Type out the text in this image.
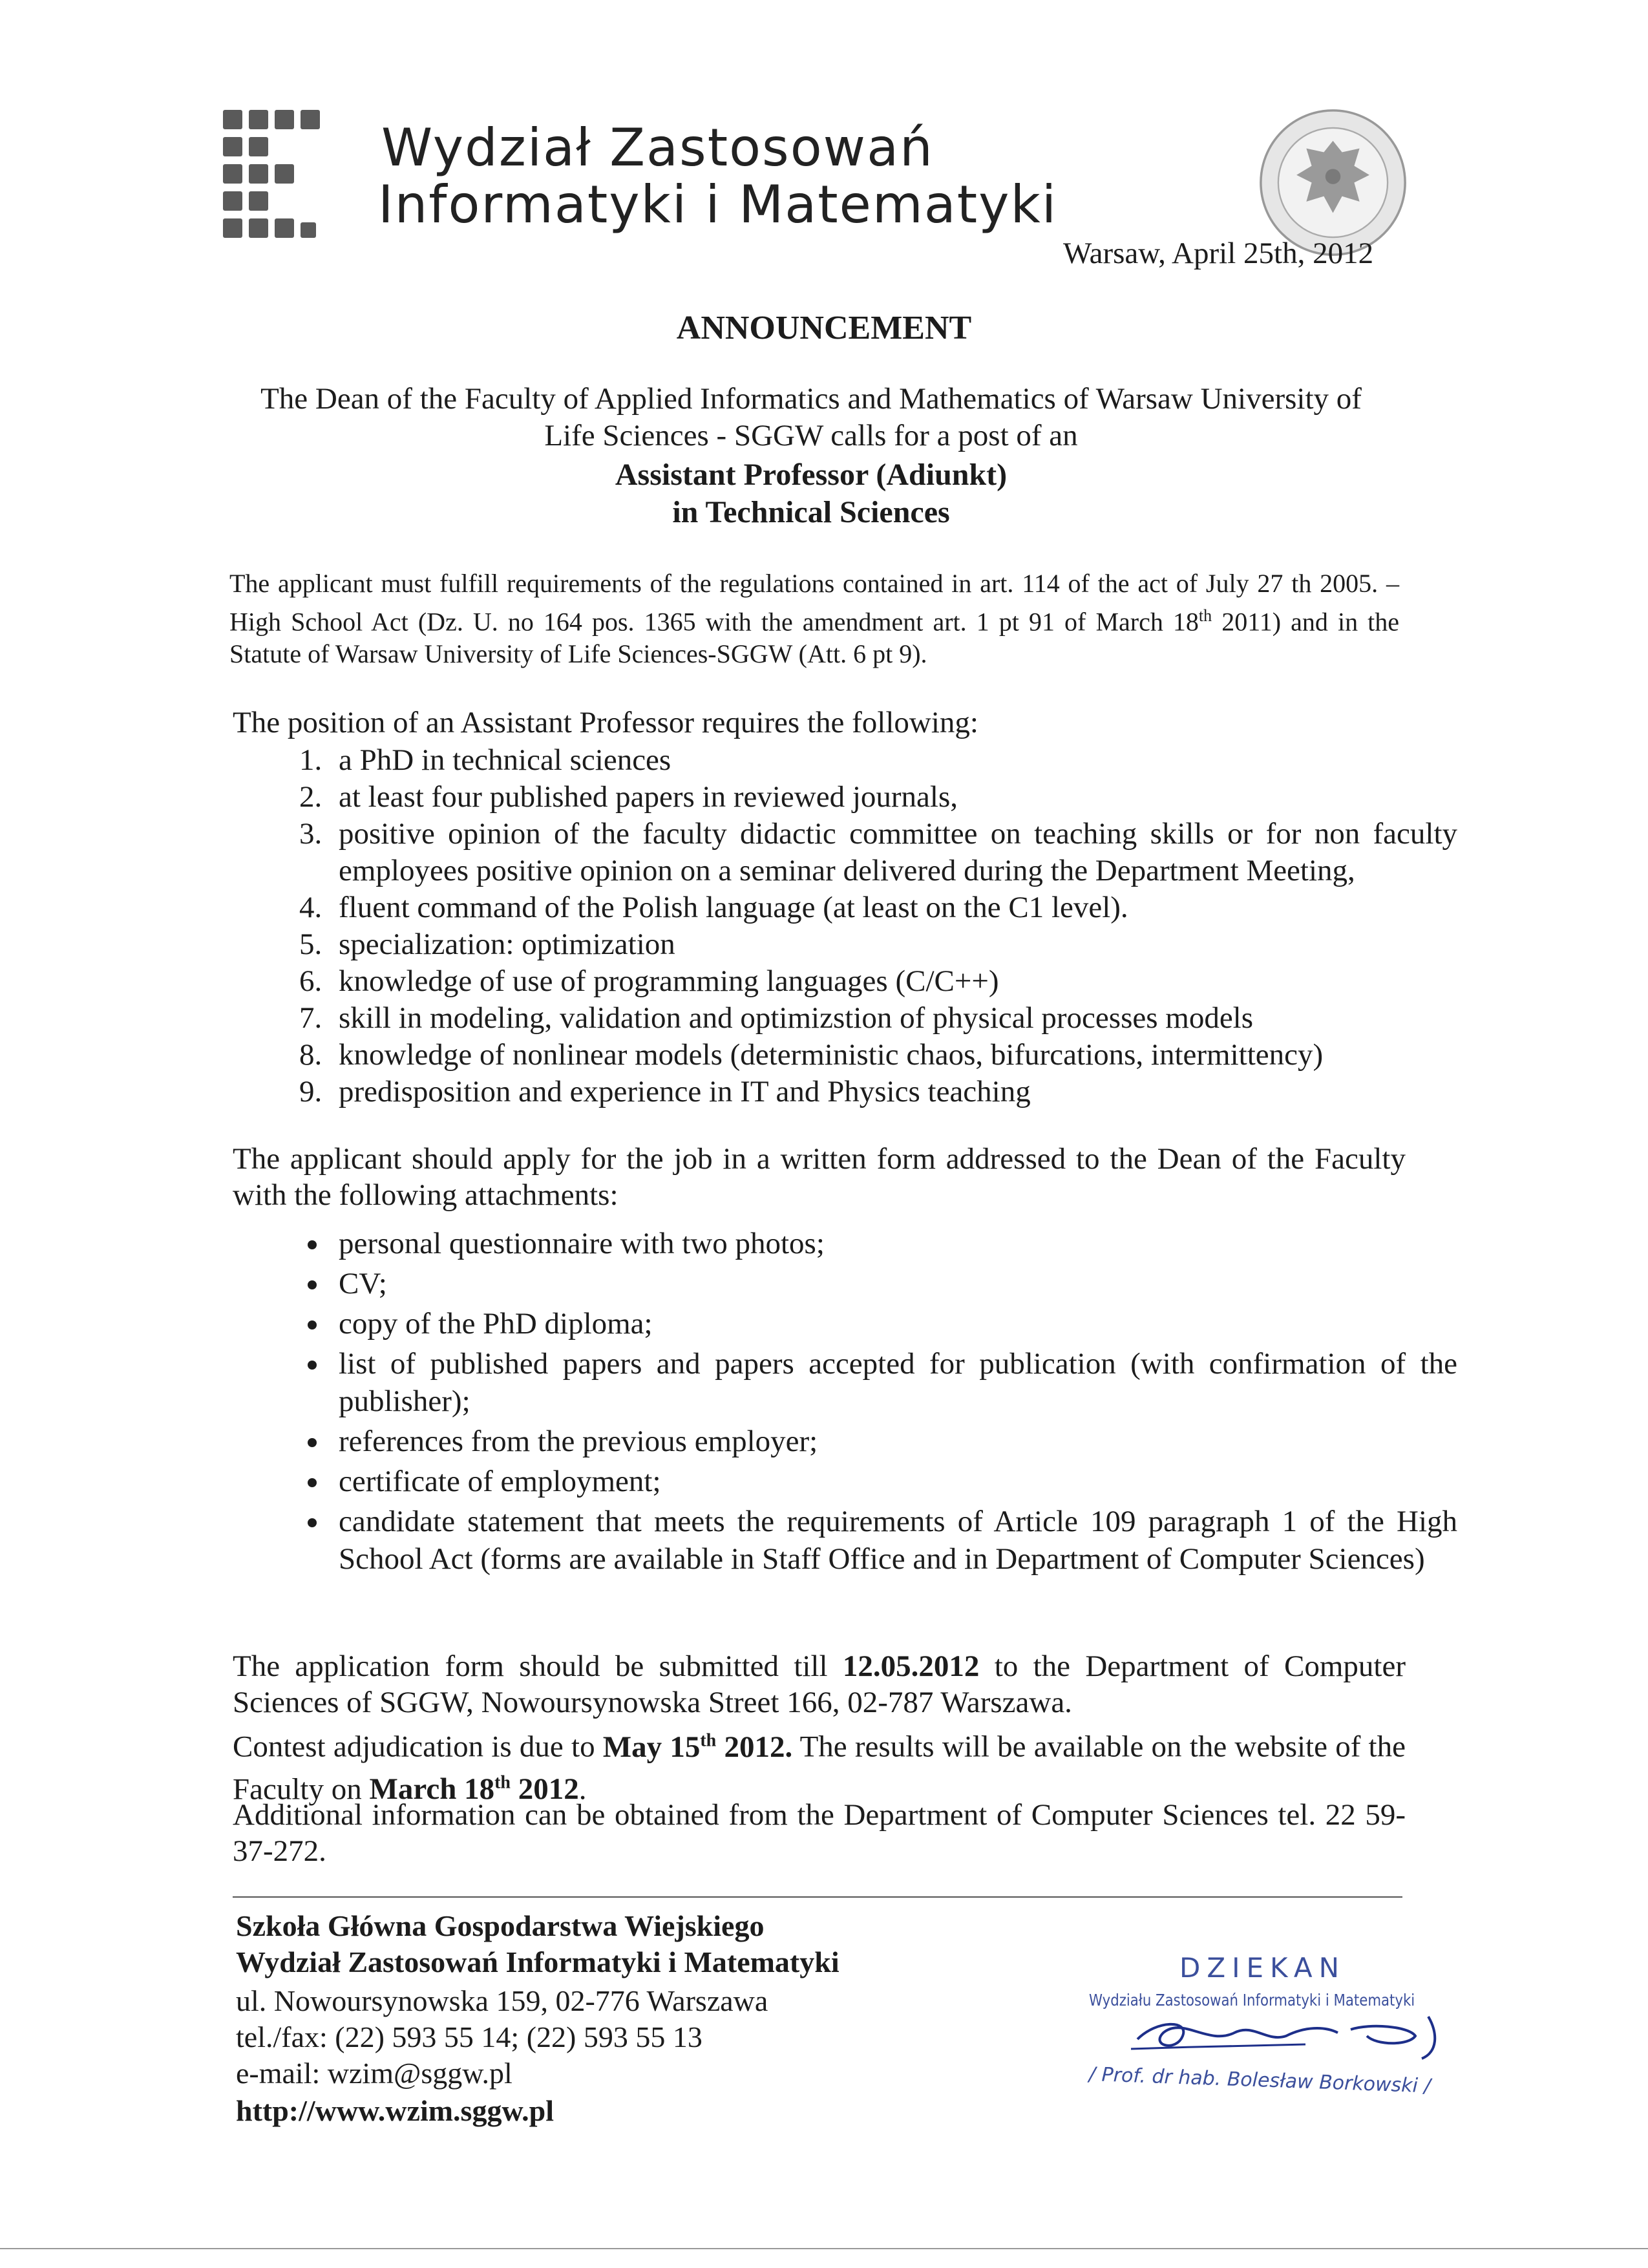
Wydział Zastosowań
Informatyki i Matematyki
Warsaw, April 25th, 2012
ANNOUNCEMENT
The Dean of the Faculty of Applied Informatics and Mathematics of Warsaw University of
Life Sciences - SGGW calls for a post of an
Assistant Professor (Adiunkt)
in Technical Sciences
The applicant must fulfill requirements of the regulations contained in art. 114 of the act of July 27 th 2005. – High School Act (Dz. U. no 164 pos. 1365 with the amendment art. 1 pt 91 of March 18th 2011) and in the Statute of Warsaw University of Life Sciences-SGGW (Att. 6 pt 9).
The position of an Assistant Professor requires the following:
1. a PhD in technical sciences
2. at least four published papers in reviewed journals,
3. positive opinion of the faculty didactic committee on teaching skills or for non faculty employees positive opinion on a seminar delivered during the Department Meeting,
4. fluent command of the Polish language (at least on the C1 level).
5. specialization: optimization
6. knowledge of use of programming languages (C/C++)
7. skill in modeling, validation and optimizstion of physical processes models
8. knowledge of nonlinear models (deterministic chaos, bifurcations, intermittency)
9. predisposition and experience in IT and Physics teaching
The applicant should apply for the job in a written form addressed to the Dean of the Faculty with the following attachments:
• personal questionnaire with two photos;
• CV;
• copy of the PhD diploma;
• list of published papers and papers accepted for publication (with confirmation of the publisher);
• references from the previous employer;
• certificate of employment;
• candidate statement that meets the requirements of Article 109 paragraph 1 of the High School Act (forms are available in Staff Office and in Department of Computer Sciences)
The application form should be submitted till 12.05.2012 to the Department of Computer Sciences of SGGW, Nowoursynowska Street 166, 02-787 Warszawa.
Contest adjudication is due to May 15th 2012. The results will be available on the website of the Faculty on March 18th 2012.
Additional information can be obtained from the Department of Computer Sciences tel. 22 59-37-272.
Szkoła Główna Gospodarstwa Wiejskiego
Wydział Zastosowań Informatyki i Matematyki
ul. Nowoursynowska 159, 02-776 Warszawa
tel./fax: (22) 593 55 14; (22) 593 55 13
e-mail: wzim@sggw.pl
http://www.wzim.sggw.pl
DZIEKAN
Wydziału Zastosowań Informatyki i Matematyki
/ Prof. dr hab. Bolesław Borkowski /
